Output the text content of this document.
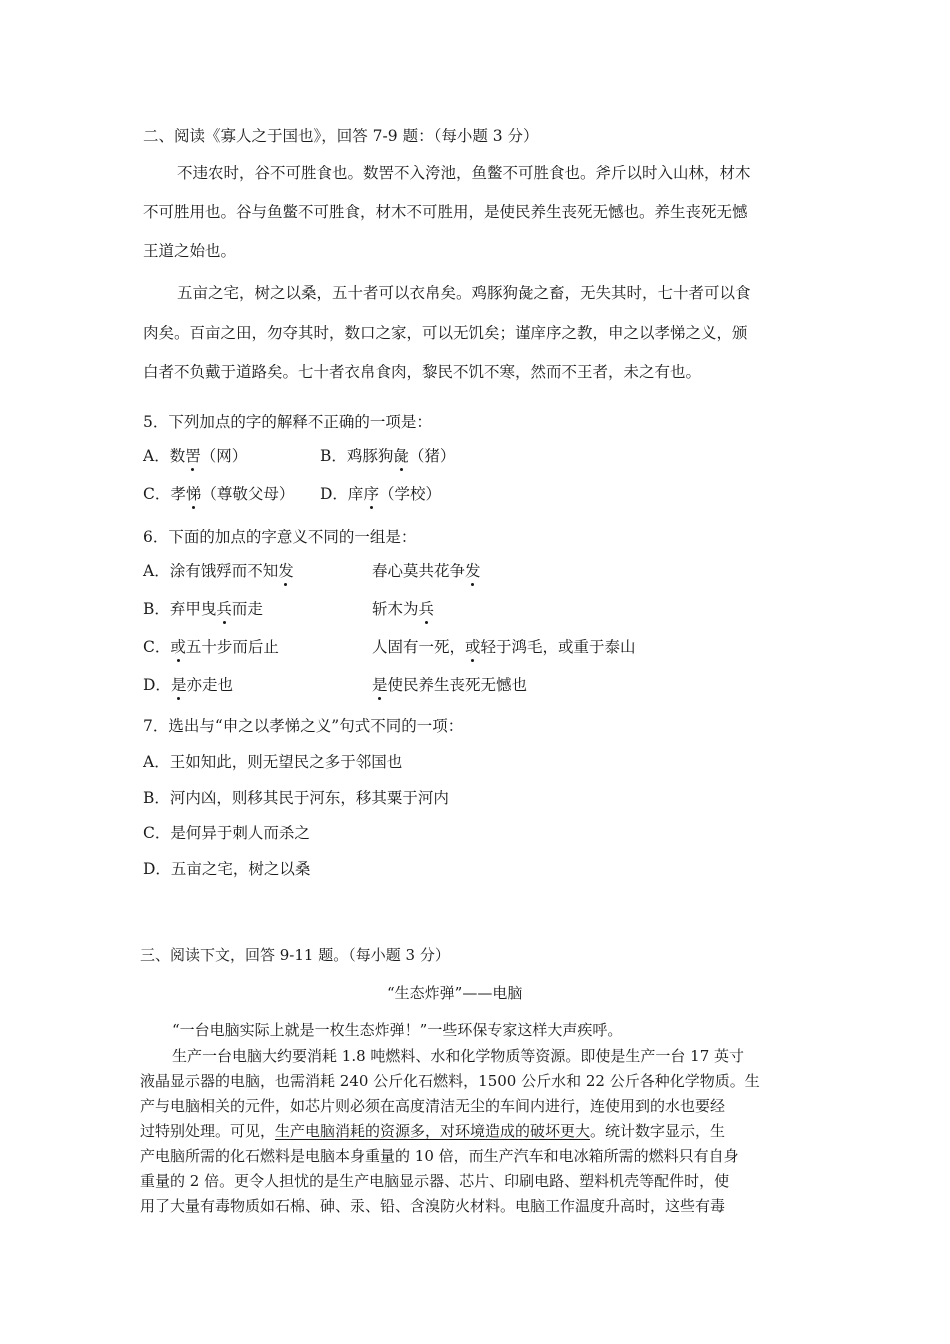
二、阅读《寡人之于国也》，回答 7-9 题：（每小题 3 分）
不违农时，谷不可胜食也。数罟不入洿池，鱼鳖不可胜食也。斧斤以时入山林，材木
不可胜用也。谷与鱼鳖不可胜食，材木不可胜用，是使民养生丧死无憾也。养生丧死无憾
王道之始也。
五亩之宅，树之以桑，五十者可以衣帛矣。鸡豚狗彘之畜，无失其时，七十者可以食
肉矣。百亩之田，勿夺其时，数口之家，可以无饥矣；谨庠序之教，申之以孝悌之义，颁
白者不负戴于道路矣。七十者衣帛食肉，黎民不饥不寒，然而不王者，未之有也。
5．下列加点的字的解释不正确的一项是：
A．数罟（网）	B．鸡豚狗彘（猪）
C．孝悌（尊敬父母） D．庠序（学校）
6．下面的加点的字意义不同的一组是：
A．涂有饿殍而不知发	春心莫共花争发
B．弃甲曳兵而走	斩木为兵
C．或五十步而后止	人固有一死，或轻于鸿毛，或重于泰山
D．是亦走也	是使民养生丧死无憾也
7．选出与“申之以孝悌之义”句式不同的一项：
A．王如知此，则无望民之多于邻国也
B．河内凶，则移其民于河东，移其粟于河内
C．是何异于刺人而杀之
D．五亩之宅，树之以桑
三、阅读下文，回答 9-11 题。（每小题 3 分）
“生态炸弹”——电脑
“一台电脑实际上就是一枚生态炸弹！”一些环保专家这样大声疾呼。
生产一台电脑大约要消耗 1.8 吨燃料、水和化学物质等资源。即使是生产一台 17 英寸
液晶显示器的电脑，也需消耗 240 公斤化石燃料，1500 公斤水和 22 公斤各种化学物质。生
产与电脑相关的元件，如芯片则必须在高度清洁无尘的车间内进行，连使用到的水也要经
过特别处理。可见，生产电脑消耗的资源多，对环境造成的破坏更大。统计数字显示，生
产电脑所需的化石燃料是电脑本身重量的 10 倍，而生产汽车和电冰箱所需的燃料只有自身
重量的 2 倍。更令人担忧的是生产电脑显示器、芯片、印刷电路、塑料机壳等配件时，使
用了大量有毒物质如石棉、砷、汞、铅、含溴防火材料。电脑工作温度升高时，这些有毒
